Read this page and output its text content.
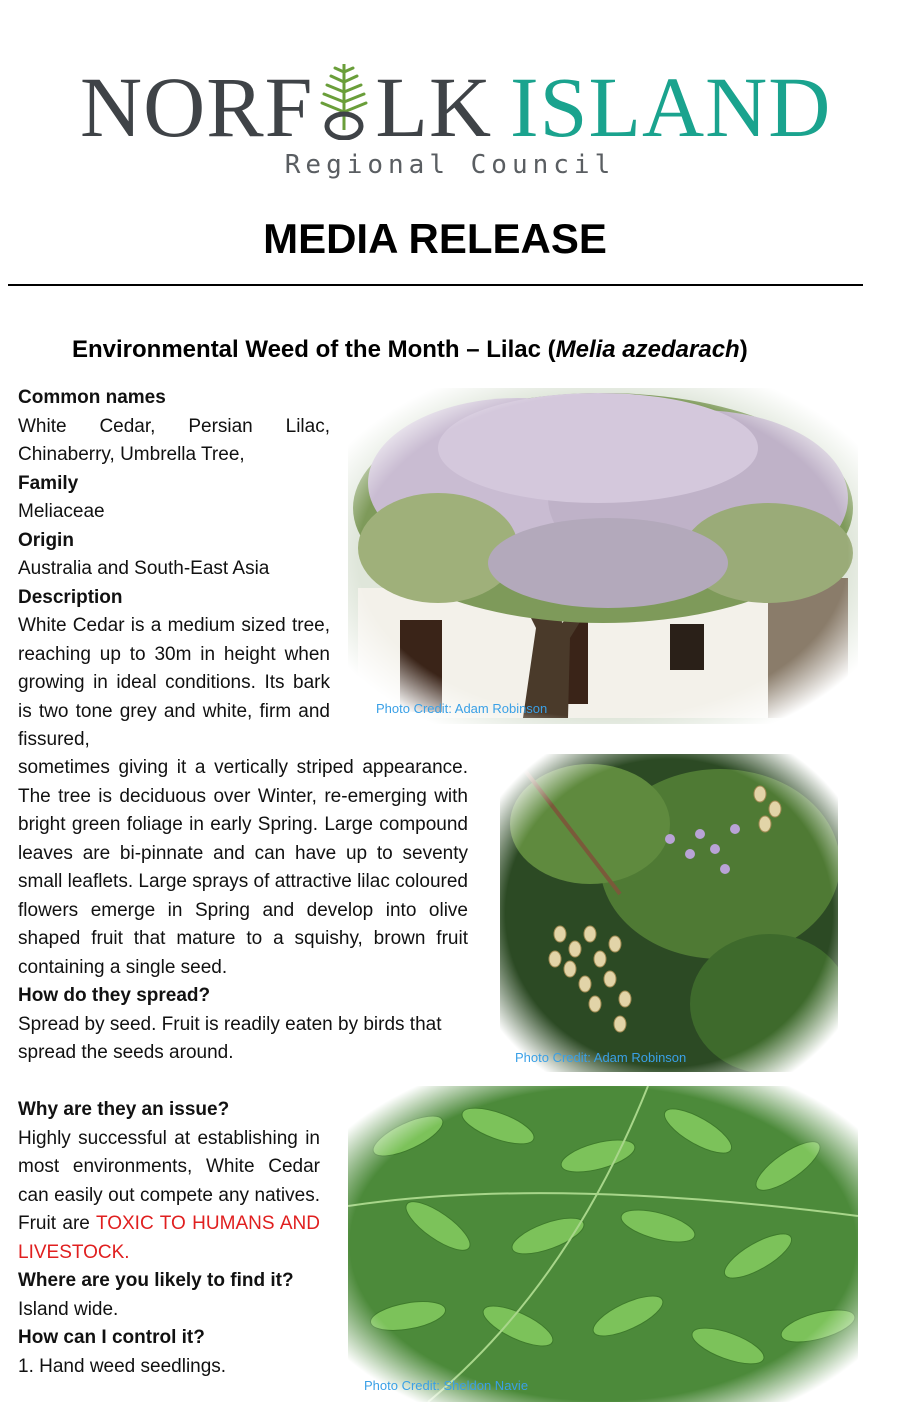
NORF LK ISLAND
Regional Council
MEDIA RELEASE
Environmental Weed of the Month – Lilac (Melia azedarach)
Common names
White Cedar, Persian Lilac, Chinaberry, Umbrella Tree,
Family
Meliaceae
Origin
Australia and South-East Asia
Description
White Cedar is a medium sized tree, reaching up to 30m in height when growing in ideal conditions. Its bark is two tone grey and white, firm and fissured,
sometimes giving it a vertically striped appearance. The tree is deciduous over Winter, re-emerging with bright green foliage in early Spring. Large compound leaves are bi-pinnate and can have up to seventy small leaflets. Large sprays of attractive lilac coloured flowers emerge in Spring and develop into olive shaped fruit that mature to a squishy, brown fruit containing a single seed.
How do they spread?
Spread by seed. Fruit is readily eaten by birds that spread the seeds around.
Why are they an issue?
Highly successful at establishing in most environments, White Cedar can easily out compete any natives. Fruit are TOXIC TO HUMANS AND LIVESTOCK.
Where are you likely to find it?
Island wide.
How can I control it?
1. Hand weed seedlings.
Photo Credit: Adam Robinson
Photo Credit: Adam Robinson
Photo Credit: Sheldon Navie
